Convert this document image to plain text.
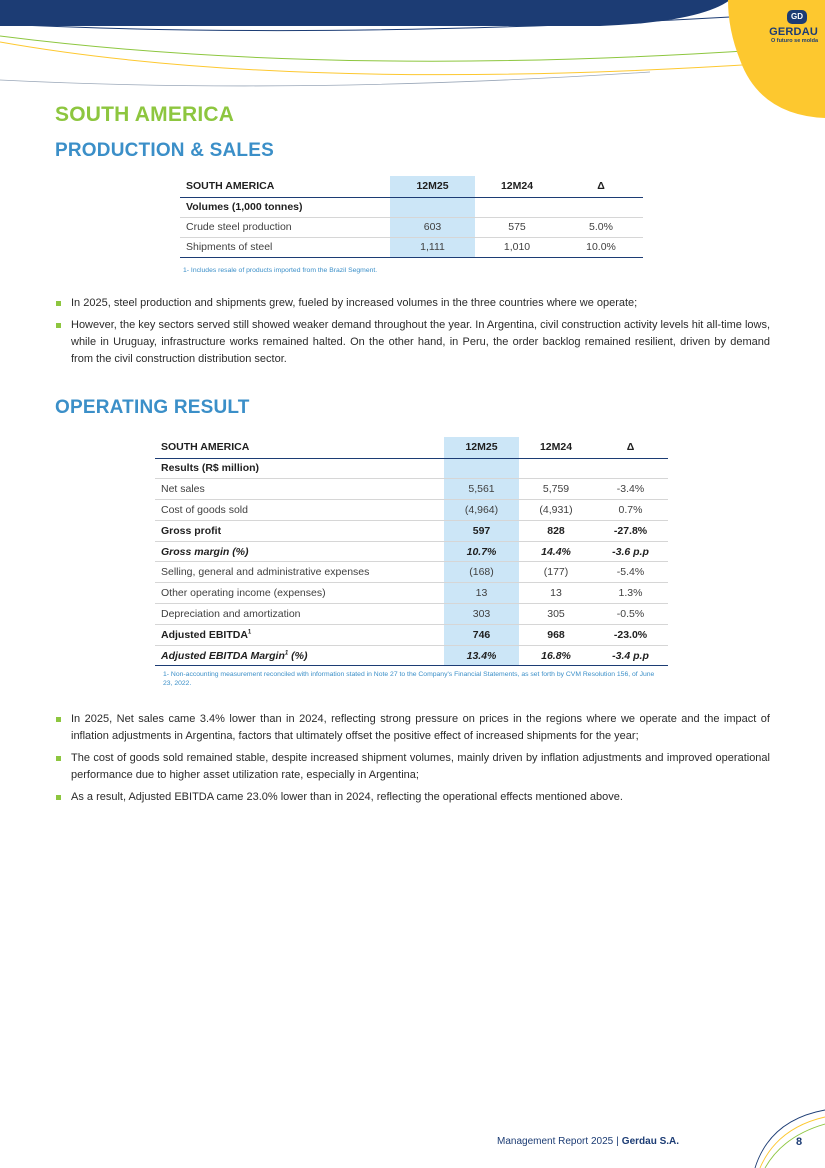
GD
GERDAU
O futuro se molda
SOUTH AMERICA
PRODUCTION & SALES
SOUTH AMERICA	12M25	12M24	Δ
Volumes (1,000 tonnes)			
Crude steel production	603	575	5.0%
Shipments of steel	1,111	1,010	10.0%
1- Includes resale of products imported from the Brazil Segment.
In 2025, steel production and shipments grew, fueled by increased volumes in the three countries where we operate;
However, the key sectors served still showed weaker demand throughout the year. In Argentina, civil construction activity levels hit all-time lows, while in Uruguay, infrastructure works remained halted. On the other hand, in Peru, the order backlog remained resilient, driven by demand from the civil construction distribution sector.
OPERATING RESULT
SOUTH AMERICA	12M25	12M24	Δ
Results (R$ million)			
Net sales	5,561	5,759	-3.4%
Cost of goods sold	(4,964)	(4,931)	0.7%
Gross profit	597	828	-27.8%
Gross margin (%)	10.7%	14.4%	-3.6 p.p
Selling, general and administrative expenses	(168)	(177)	-5.4%
Other operating income (expenses)	13	13	1.3%
Depreciation and amortization	303	305	-0.5%
Adjusted EBITDA$^1$	746	968	-23.0%
Adjusted EBITDA Margin$^1$ (%)	13.4%	16.8%	-3.4 p.p
1- Non-accounting measurement reconciled with information stated in Note 27 to the Company's Financial Statements, as set forth by CVM Resolution 156, of June 23, 2022.
In 2025, Net sales came 3.4% lower than in 2024, reflecting strong pressure on prices in the regions where we operate and the impact of inflation adjustments in Argentina, factors that ultimately offset the positive effect of increased shipments for the year;
The cost of goods sold remained stable, despite increased shipment volumes, mainly driven by inflation adjustments and improved operational performance due to higher asset utilization rate, especially in Argentina;
As a result, Adjusted EBITDA came 23.0% lower than in 2024, reflecting the operational effects mentioned above.
Management Report 2025 | Gerdau S.A.	8
